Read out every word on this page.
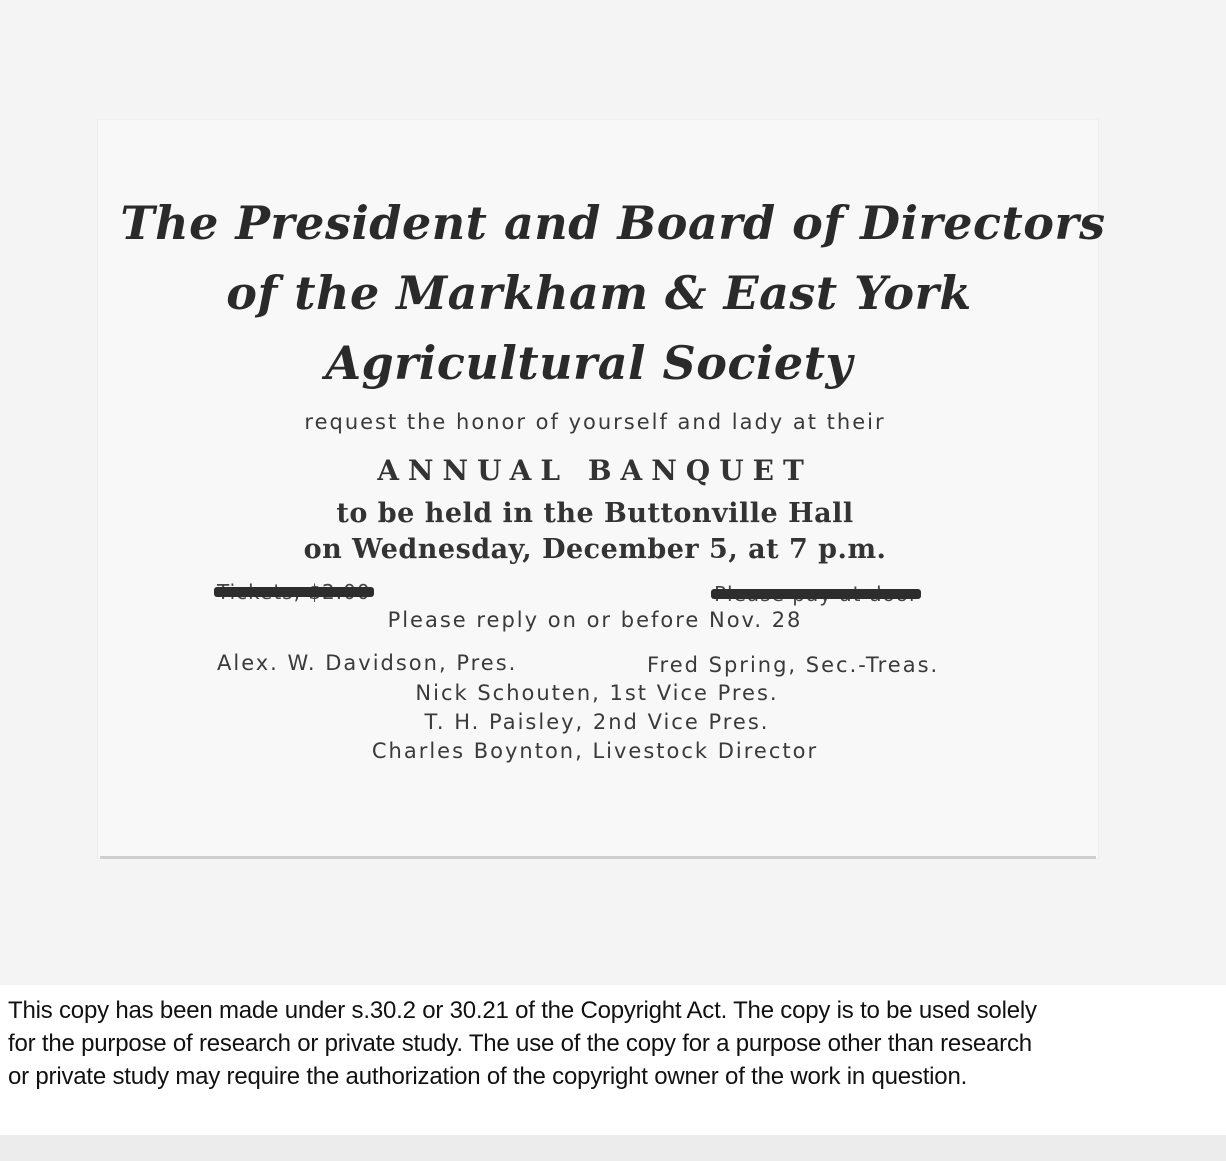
The President and Board of Directors
of the Markham & East York
Agricultural Society
request the honor of yourself and lady at their
ANNUAL BANQUET
to be held in the Buttonville Hall
on Wednesday, December 5, at 7 p.m.
Please reply on or before Nov. 28
Alex. W. Davidson, Pres.	Fred Spring, Sec.-Treas.
Nick Schouten, 1st Vice Pres.
T. H. Paisley, 2nd Vice Pres.
Charles Boynton, Livestock Director
This copy has been made under s.30.2 or 30.21 of the Copyright Act. The copy is to be used solely
for the purpose of research or private study. The use of the copy for a purpose other than research
or private study may require the authorization of the copyright owner of the work in question.
